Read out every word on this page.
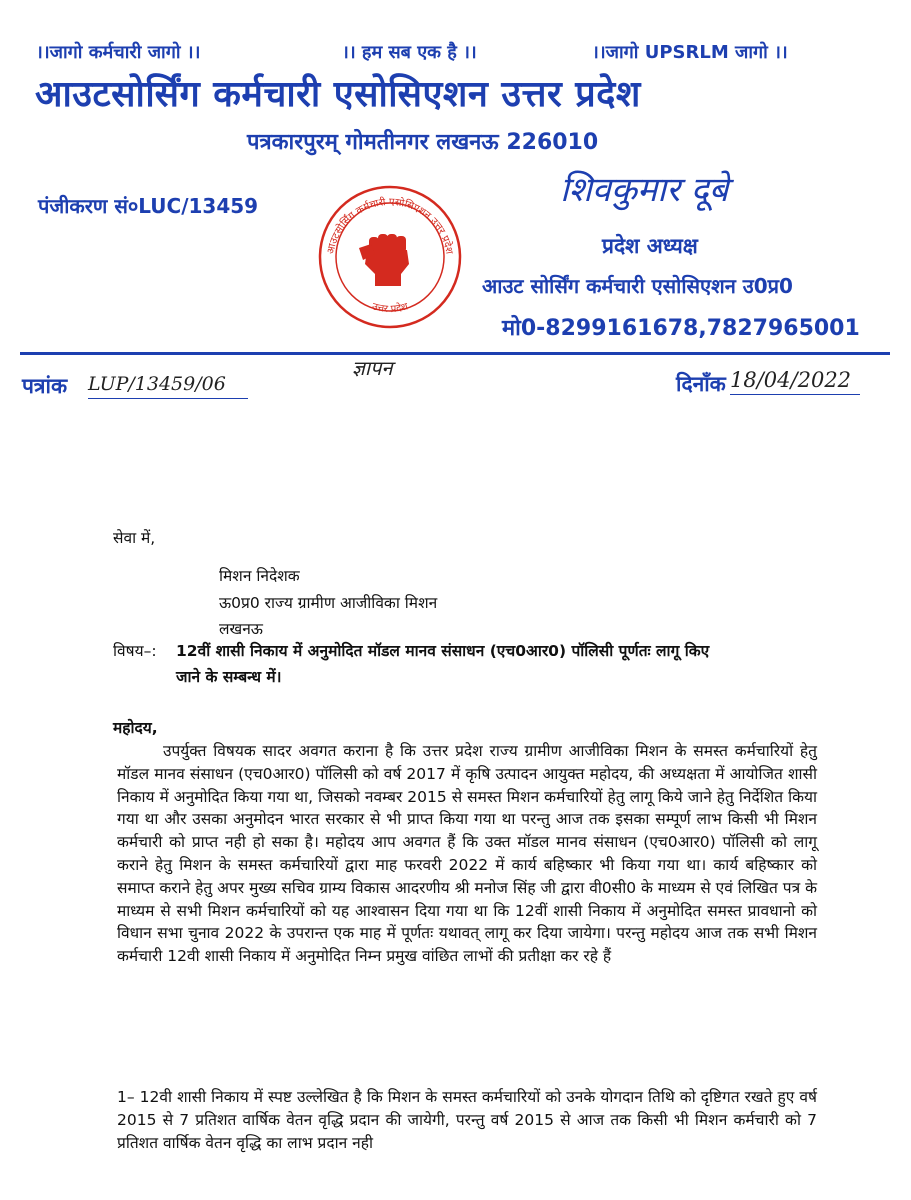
।।जागो कर्मचारी जागो ।।	।। हम सब एक है ।।	।।जागो UPSRLM जागो ।।
आउटसोर्सिंग कर्मचारी एसोसिएशन उत्तर प्रदेश
पत्रकारपुरम् गोमतीनगर लखनऊ 226010
पंजीकरण सं०LUC/13459
आउटसोर्सिंग कर्मचारी एसोसिएशन उत्तर प्रदेश
उत्तर प्रदेश
शिवकुमार दूबे
प्रदेश अध्यक्ष
आउट सोर्सिंग कर्मचारी एसोसिएशन उ0प्र0
मो0-8299161678,7827965001
पत्रांक LUP/13459/06
ज्ञापन
दिनाँक 18/04/2022
सेवा में,
मिशन निदेशक
ऊ0प्र0 राज्य ग्रामीण आजीविका मिशन
लखनऊ
विषय–: 12वीं शासी निकाय में अनुमोदित मॉडल मानव संसाधन (एच0आर0) पॉलिसी पूर्णतः लागू किए
जाने के सम्बन्ध में।
महोदय,
उपर्युक्त विषयक सादर अवगत कराना है कि उत्तर प्रदेश राज्य ग्रामीण आजीविका मिशन के समस्त कर्मचारियों हेतु मॉडल मानव संसाधन (एच0आर0) पॉलिसी को वर्ष 2017 में कृषि उत्पादन आयुक्त महोदय, की अध्यक्षता में आयोजित शासी निकाय में अनुमोदित किया गया था, जिसको नवम्बर 2015 से समस्त मिशन कर्मचारियों हेतु लागू किये जाने हेतु निर्देशित किया गया था और उसका अनुमोदन भारत सरकार से भी प्राप्त किया गया था परन्तु आज तक इसका सम्पूर्ण लाभ किसी भी मिशन कर्मचारी को प्राप्त नही हो सका है। महोदय आप अवगत हैं कि उक्त मॉडल मानव संसाधन (एच0आर0) पॉलिसी को लागू कराने हेतु मिशन के समस्त कर्मचारियों द्वारा माह फरवरी 2022 में कार्य बहिष्कार भी किया गया था। कार्य बहिष्कार को समाप्त कराने हेतु अपर मुख्य सचिव ग्राम्य विकास आदरणीय श्री मनोज सिंह जी द्वारा वी0सी0 के माध्यम से एवं लिखित पत्र के माध्यम से सभी मिशन कर्मचारियों को यह आश्वासन दिया गया था कि 12वीं शासी निकाय में अनुमोदित समस्त प्रावधानो को विधान सभा चुनाव 2022 के उपरान्त एक माह में पूर्णतः यथावत् लागू कर दिया जायेगा। परन्तु महोदय आज तक सभी मिशन कर्मचारी 12वी शासी निकाय में अनुमोदित निम्न प्रमुख वांछित लाभों की प्रतीक्षा कर रहे हैं
1– 12वी शासी निकाय में स्पष्ट उल्लेखित है कि मिशन के समस्त कर्मचारियों को उनके योगदान तिथि को दृष्टिगत रखते हुए वर्ष 2015 से 7 प्रतिशत वार्षिक वेतन वृद्धि प्रदान की जायेगी, परन्तु वर्ष 2015 से आज तक किसी भी मिशन कर्मचारी को 7 प्रतिशत वार्षिक वेतन वृद्धि का लाभ प्रदान नही
